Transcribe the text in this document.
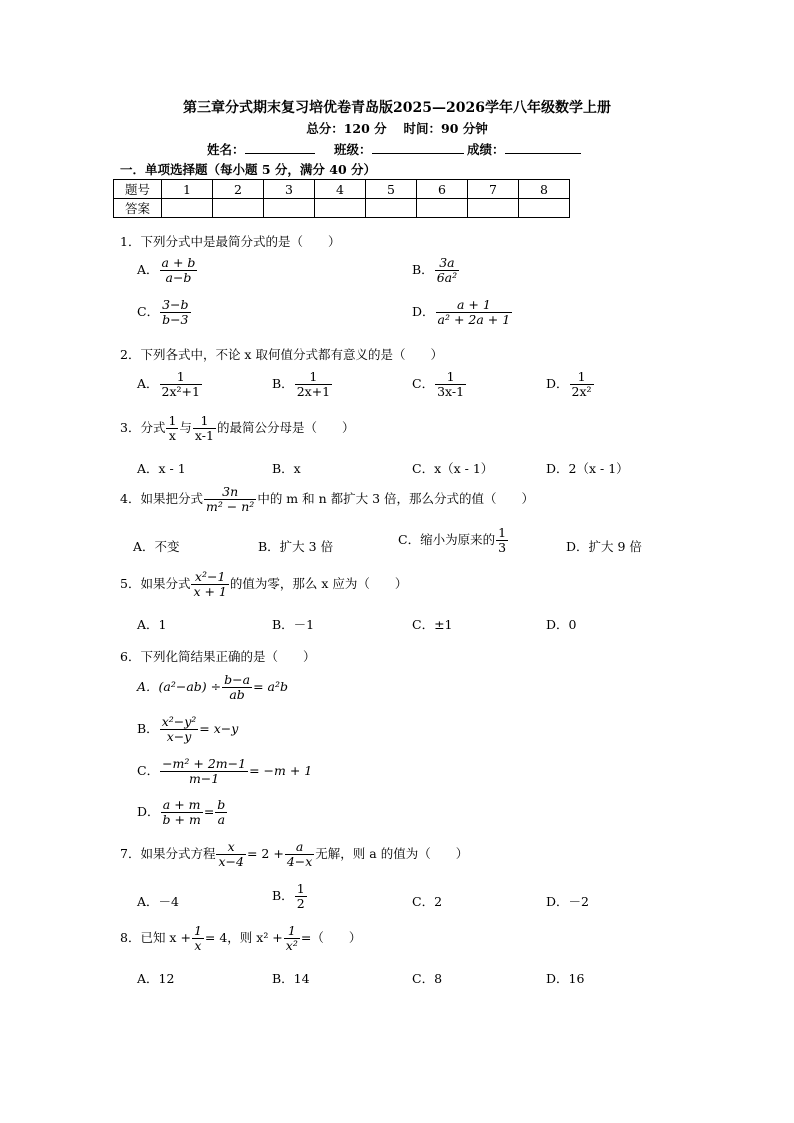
第三章分式期末复习培优卷青岛版2025—2026学年八年级数学上册
总分：120 分　 时间：90 分钟
姓名：	班级：	成绩：
一．单项选择题（每小题 5 分，满分 40 分）
题号	1	2	3	4	5	6	7	8
答案								
1．下列分式中是最简分式的是（　　）
A． $\frac{a + b}{a-b}$	B． $\frac{3a}{\text{6a²}}$
C． $\frac{3-b}{b-3}$	D． $\frac{a + 1}{\text{a² + 2a + 1}}$
2．下列各式中，不论 x 取何值分式都有意义的是（　　）
A． $\frac{1}{\text{2x²+1}}$	B． $\frac{1}{2x+1}$	C． $\frac{1}{3x-1}$	D． $\frac{1}{\text{2x²}}$
3．分式 $\frac{1}{x}$ 与 $\frac{1}{x-1}$ 的最简公分母是（　　）
A．x - 1	B．x	C．x（x - 1）	D．2（x - 1）
4．如果把分式 $\frac{3n}{\text{m² − n²}}$ 中的 m 和 n 都扩大 3 倍，那么分式的值（　　）
A．不变	B．扩大 3 倍	C．缩小为原来的 $\frac{1}{3}$	D．扩大 9 倍
5．如果分式 $\frac{\text{x²−1}}{x + 1}$ 的值为零，那么 x 应为（　　）
A．1	B．－1	C．±1	D．0
6．下列化简结果正确的是（　　）
A．$(a^2-ab) \div \frac{b-a}{ab} = a^2b$
B． $\frac{\text{x²−y²}}{x-y} = x-y$
C． $\frac{\text{−m² + 2m−1}}{m-1} = -m + 1$
D． $\frac{a + m}{b + m} = \frac{b}{a}$
7．如果分式方程 $\frac{x}{x-4} = 2 + \frac{a}{4-x}$ 无解，则 a 的值为（　　）
A．－4	B． $\frac{1}{2}$	C．2	D．－2
8．已知 $x + \frac{1}{x} = 4$，则 $x^2 + \frac{1}{\text{x²}}$ =（　　）
A．12	B．14	C．8	D．16
